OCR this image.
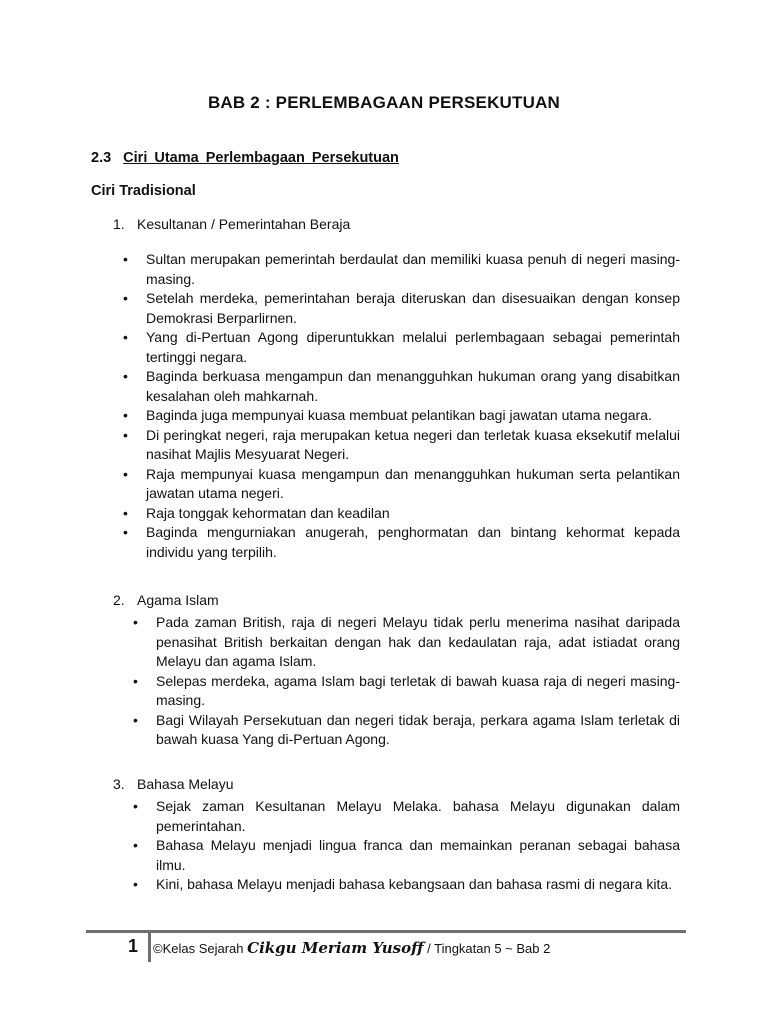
BAB 2 : PERLEMBAGAAN PERSEKUTUAN
2.3 Ciri Utama Perlembagaan Persekutuan
Ciri Tradisional
1. Kesultanan / Pemerintahan Beraja
• Sultan merupakan pemerintah berdaulat dan memiliki kuasa penuh di negeri masing-masing.
• Setelah merdeka, pemerintahan beraja diteruskan dan disesuaikan dengan konsep Demokrasi Berparlirnen.
• Yang di-Pertuan Agong diperuntukkan melalui perlembagaan sebagai pemerintah tertinggi negara.
• Baginda berkuasa mengampun dan menangguhkan hukuman orang yang disabitkan kesalahan oleh mahkarnah.
• Baginda juga mempunyai kuasa membuat pelantikan bagi jawatan utama negara.
• Di peringkat negeri, raja merupakan ketua negeri dan terletak kuasa eksekutif melalui nasihat Majlis Mesyuarat Negeri.
• Raja mempunyai kuasa mengampun dan menangguhkan hukuman serta pelantikan jawatan utama negeri.
• Raja tonggak kehormatan dan keadilan
• Baginda mengurniakan anugerah, penghormatan dan bintang kehormat kepada individu yang terpilih.
2. Agama Islam
• Pada zaman British, raja di negeri Melayu tidak perlu menerima nasihat daripada penasihat British berkaitan dengan hak dan kedaulatan raja, adat istiadat orang Melayu dan agama Islam.
• Selepas merdeka, agama Islam bagi terletak di bawah kuasa raja di negeri masing-masing.
• Bagi Wilayah Persekutuan dan negeri tidak beraja, perkara agama Islam terletak di bawah kuasa Yang di-Pertuan Agong.
3. Bahasa Melayu
• Sejak zaman Kesultanan Melayu Melaka. bahasa Melayu digunakan dalam pemerintahan.
• Bahasa Melayu menjadi lingua franca dan memainkan peranan sebagai bahasa ilmu.
• Kini, bahasa Melayu menjadi bahasa kebangsaan dan bahasa rasmi di negara kita.
1 ©Kelas Sejarah Cikgu Meriam Yusoff / Tingkatan 5 ~ Bab 2
